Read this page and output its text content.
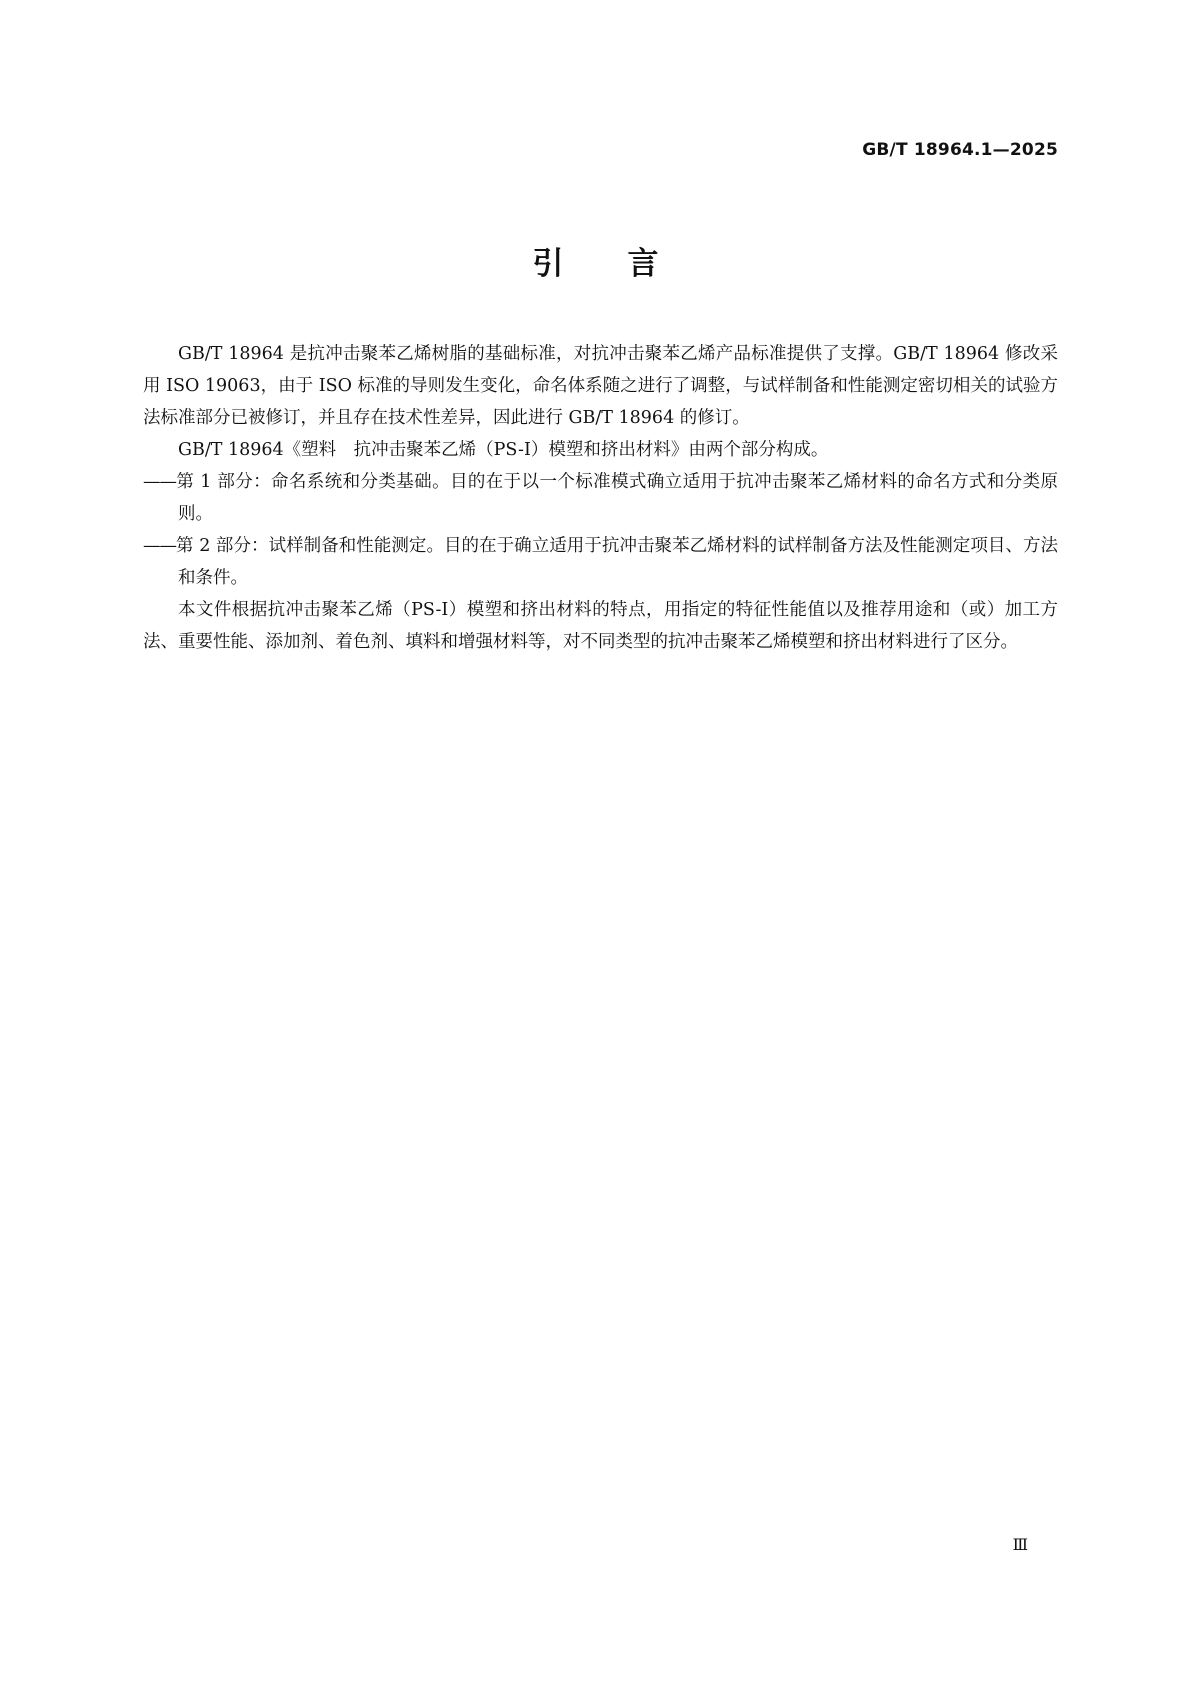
GB/T 18964.1—2025
引 言

GB/T 18964 是抗冲击聚苯乙烯树脂的基础标准，对抗冲击聚苯乙烯产品标准提供了支撑。GB/T 18964 修改采用 ISO 19063，由于 ISO 标准的导则发生变化，命名体系随之进行了调整，与试样制备和性能测定密切相关的试验方法标准部分已被修订，并且存在技术性差异，因此进行 GB/T 18964 的修订。

GB/T 18964《塑料　抗冲击聚苯乙烯（PS-I）模塑和挤出材料》由两个部分构成。

——第 1 部分：命名系统和分类基础。目的在于以一个标准模式确立适用于抗冲击聚苯乙烯材料的命名方式和分类原则。

——第 2 部分：试样制备和性能测定。目的在于确立适用于抗冲击聚苯乙烯材料的试样制备方法及性能测定项目、方法和条件。

本文件根据抗冲击聚苯乙烯（PS-I）模塑和挤出材料的特点，用指定的特征性能值以及推荐用途和（或）加工方法、重要性能、添加剂、着色剂、填料和增强材料等，对不同类型的抗冲击聚苯乙烯模塑和挤出材料进行了区分。

Ⅲ
